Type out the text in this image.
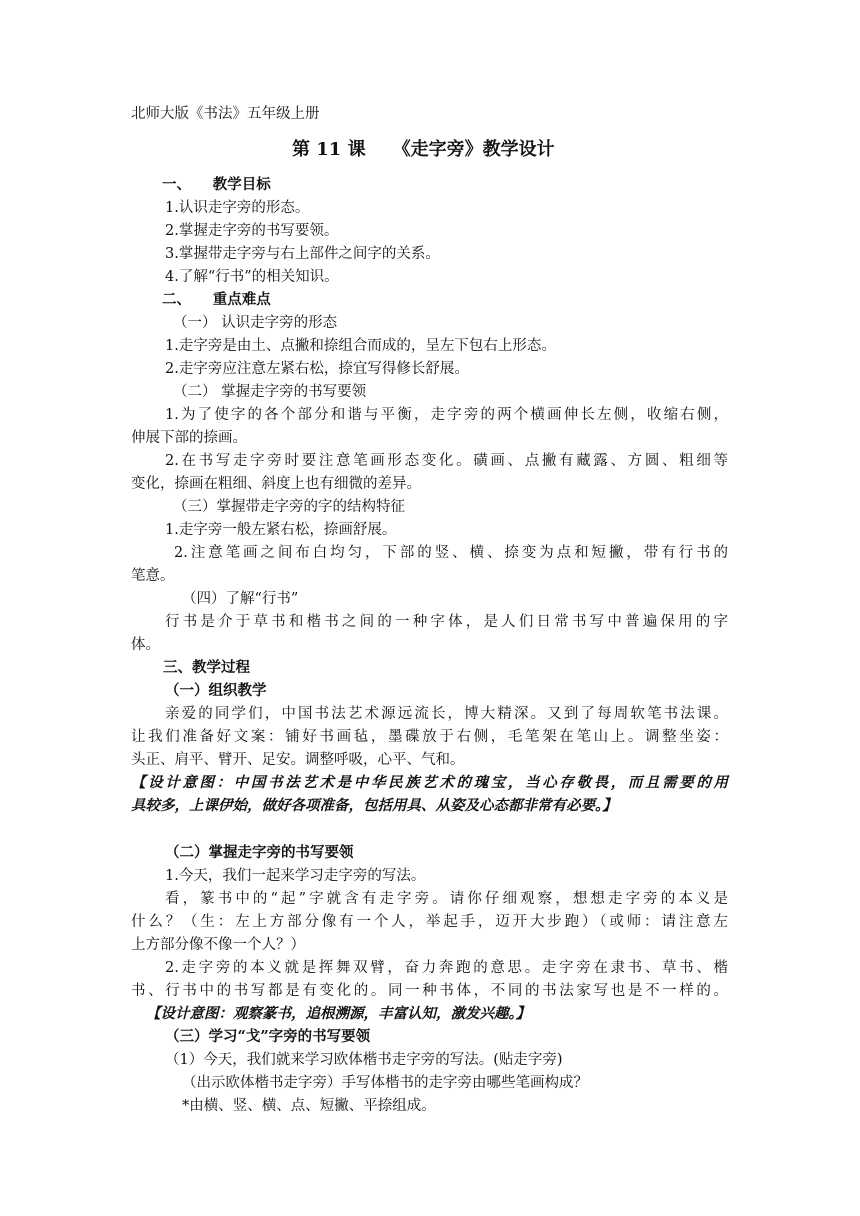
北师大版《书法》五年级上册
第 11 课　　《走字旁》教学设计
一、　　教学目标
1.认识走字旁的形态。
2.掌握走字旁的书写要领。
3.掌握带走字旁与右上部件之间字的关系。
4.了解“行书”的相关知识。
二、　　重点难点
（一） 认识走字旁的形态
1.走字旁是由土、点撇和捺组合而成的，呈左下包右上形态。
2.走字旁应注意左紧右松，捺宜写得修长舒展。
（二） 掌握走字旁的书写要领
1.为了使字的各个部分和谐与平衡，走字旁的两个横画伸长左侧，收缩右侧，
伸展下部的捺画。
2.在书写走字旁时要注意笔画形态变化。磺画、点撇有藏露、方圆、粗细等
变化，捺画在粗细、斜度上也有细微的差异。
（三）掌握带走字旁的字的结构特征
1.走字旁一般左紧右松，捺画舒展。
2.注意笔画之间布白均匀，下部的竖、横、捺变为点和短撇，带有行书的
笔意。
（四）了解“行书”
行书是介于草书和楷书之间的一种字体，是人们日常书写中普遍保用的字
体。
三、教学过程
（一）组织教学
亲爱的同学们，中国书法艺术源远流长，博大精深。又到了每周软笔书法课。
让我们准备好文案：铺好书画毡，墨碟放于右侧，毛笔架在笔山上。调整坐姿：
头正、肩平、臂开、足安。调整呼吸，心平、气和。
【设计意图：中国书法艺术是中华民族艺术的瑰宝，当心存敬畏，而且需要的用
具较多，上课伊始，做好各项准备，包括用具、从姿及心态都非常有必要。】
（二）掌握走字旁的书写要领
1.今天，我们一起来学习走字旁的写法。
看，篆书中的“起”字就含有走字旁。请你仔细观察，想想走字旁的本义是
什么？（生：左上方部分像有一个人，举起手，迈开大步跑）（或师：请注意左
上方部分像不像一个人？）
2.走字旁的本义就是挥舞双臂，奋力奔跑的意思。走字旁在隶书、草书、楷
书、行书中的书写都是有变化的。同一种书体，不同的书法家写也是不一样的。
【设计意图：观察篆书，追根溯源，丰富认知，激发兴趣。】
（三）学习“戈”字旁的书写要领
（1）今天，我们就来学习欧体楷书走字旁的写法。(贴走字旁)
（出示欧体楷书走字旁）手写体楷书的走字旁由哪些笔画构成？
*由横、竖、横、点、短撇、平捺组成。
